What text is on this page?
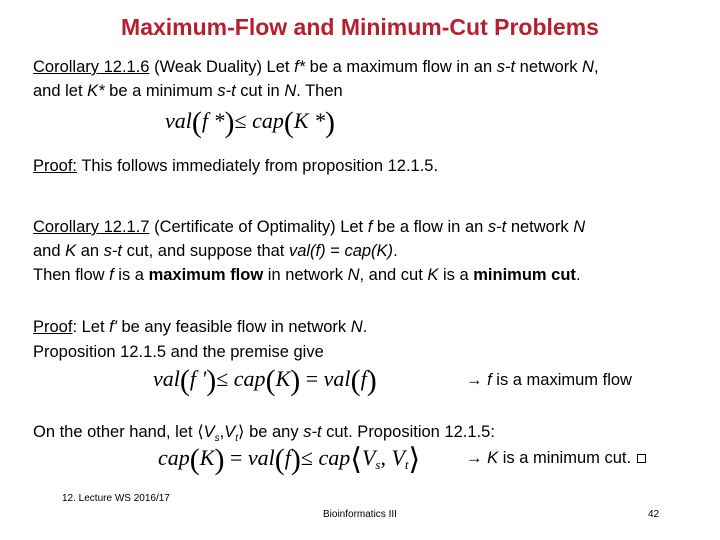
Maximum-Flow and Minimum-Cut Problems
Corollary 12.1.6 (Weak Duality) Let f* be a maximum flow in an s-t network N,
and let K* be a minimum s-t cut in N. Then
val(f *)≤ cap(K *)
Proof: This follows immediately from proposition 12.1.5.
Corollary 12.1.7 (Certificate of Optimality) Let f be a flow in an s-t network N
and K an s-t cut, and suppose that val(f) = cap(K).
Then flow f is a maximum flow in network N, and cut K is a minimum cut.
Proof: Let f' be any feasible flow in network N.
Proposition 12.1.5 and the premise give
val(f ')≤ cap(K) = val(f)	→ f is a maximum flow
On the other hand, let $⟨V_s,V_t⟩$ be any s-t cut. Proposition 12.1.5:
$cap(K) = val(f)\le cap⟨V_s$, $V_t⟩$	→ K is a minimum cut.
12. Lecture WS 2016/17
Bioinformatics III	42
